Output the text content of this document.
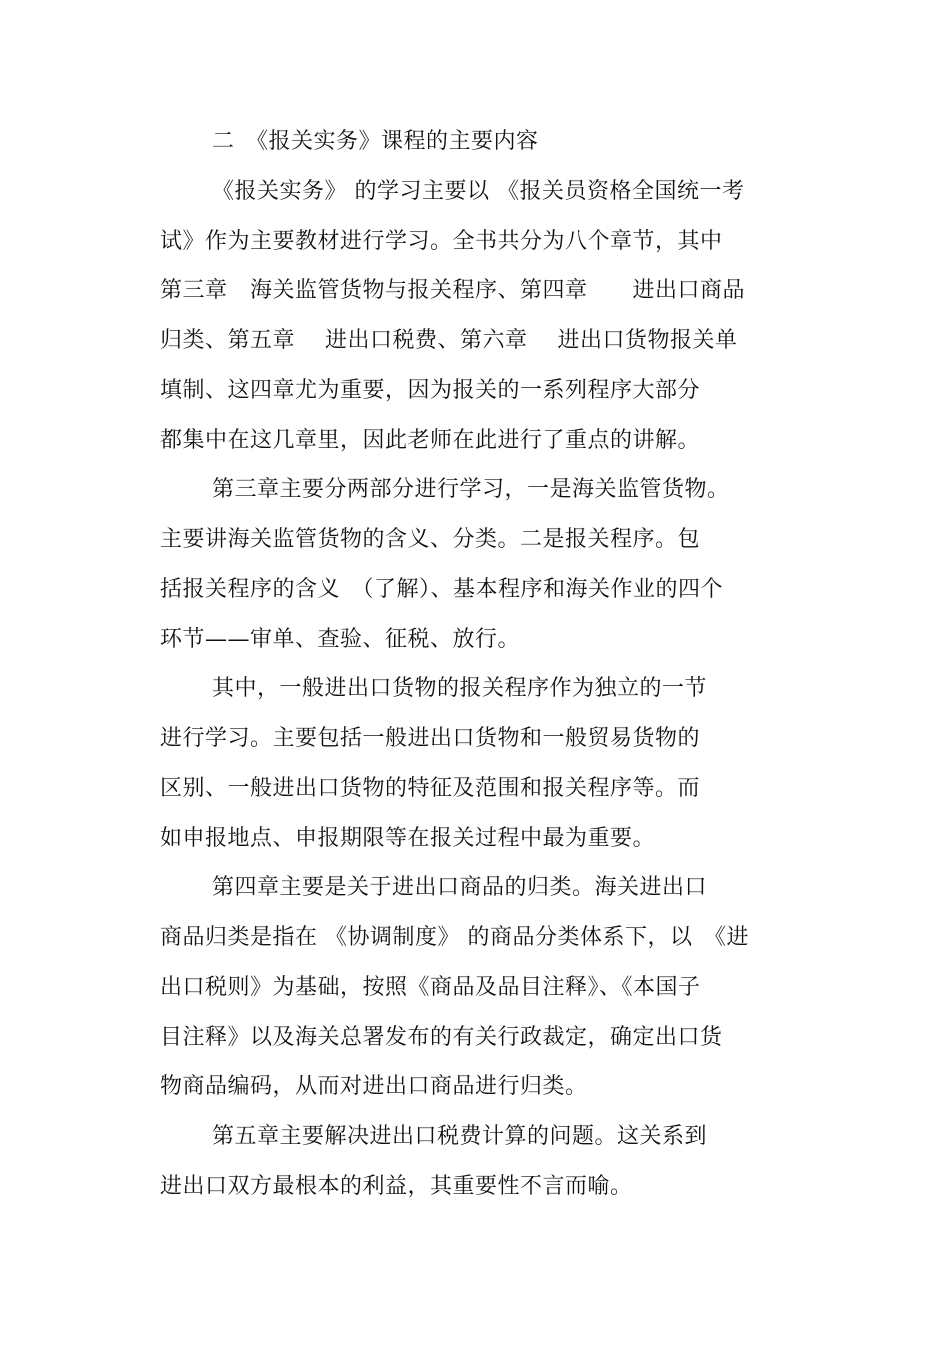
二　《报关实务》课程的主要内容
《报关实务》 的学习主要以 《报关员资格全国统一考
试》作为主要教材进行学习。全书共分为八个章节，其中
第三章　海关监管货物与报关程序、第四章　　进出口商品
归类、第五章　 进出口税费、第六章　 进出口货物报关单
填制、这四章尤为重要，因为报关的一系列程序大部分
都集中在这几章里，因此老师在此进行了重点的讲解。
第三章主要分两部分进行学习，一是海关监管货物。
主要讲海关监管货物的含义、分类。二是报关程序。包
括报关程序的含义　（了解）、基本程序和海关作业的四个
环节——审单、查验、征税、放行。
其中，一般进出口货物的报关程序作为独立的一节
进行学习。主要包括一般进出口货物和一般贸易货物的
区别、一般进出口货物的特征及范围和报关程序等。而
如申报地点、申报期限等在报关过程中最为重要。
第四章主要是关于进出口商品的归类。海关进出口
商品归类是指在 《协调制度》 的商品分类体系下，以　《进
出口税则》为基础，按照《商品及品目注释》、《本国子
目注释》以及海关总署发布的有关行政裁定，确定出口货
物商品编码，从而对进出口商品进行归类。
第五章主要解决进出口税费计算的问题。这关系到
进出口双方最根本的利益，其重要性不言而喻。
